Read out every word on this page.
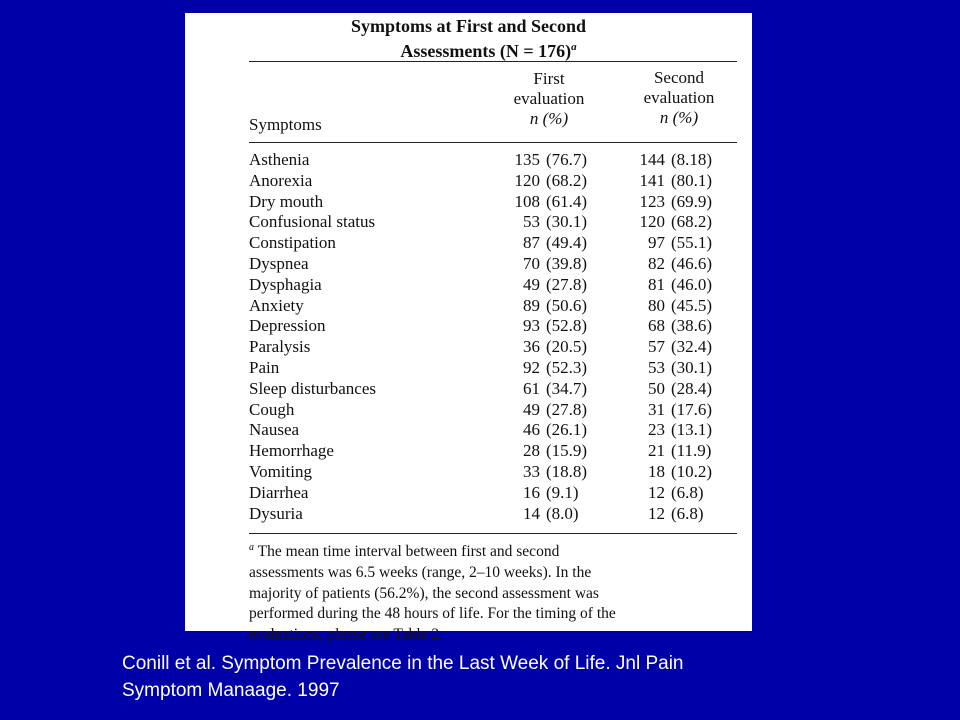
Symptoms at First and Second
Assessments (N = 176)$^a$
First
evaluation
n (%)
Second
evaluation
n (%)
Symptoms
Asthenia	135 (76.7)	144 (8.18)
Anorexia	120 (68.2)	141 (80.1)
Dry mouth	108 (61.4)	123 (69.9)
Confusional status	53 (30.1)	120 (68.2)
Constipation	87 (49.4)	97 (55.1)
Dyspnea	70 (39.8)	82 (46.6)
Dysphagia	49 (27.8)	81 (46.0)
Anxiety	89 (50.6)	80 (45.5)
Depression	93 (52.8)	68 (38.6)
Paralysis	36 (20.5)	57 (32.4)
Pain	92 (52.3)	53 (30.1)
Sleep disturbances	61 (34.7)	50 (28.4)
Cough	49 (27.8)	31 (17.6)
Nausea	46 (26.1)	23 (13.1)
Hemorrhage	28 (15.9)	21 (11.9)
Vomiting	33 (18.8)	18 (10.2)
Diarrhea	16 (9.1)	12 (6.8)
Dysuria	14 (8.0)	12 (6.8)
$^a$ The mean time interval between first and second
assessments was 6.5 weeks (range, 2–10 weeks). In the
majority of patients (56.2%), the second assessment was
performed during the 48 hours of life. For the timing of the
evaluations, please see Table 2.
Conill et al. Symptom Prevalence in the Last Week of Life. Jnl Pain
Symptom Manaage. 1997
